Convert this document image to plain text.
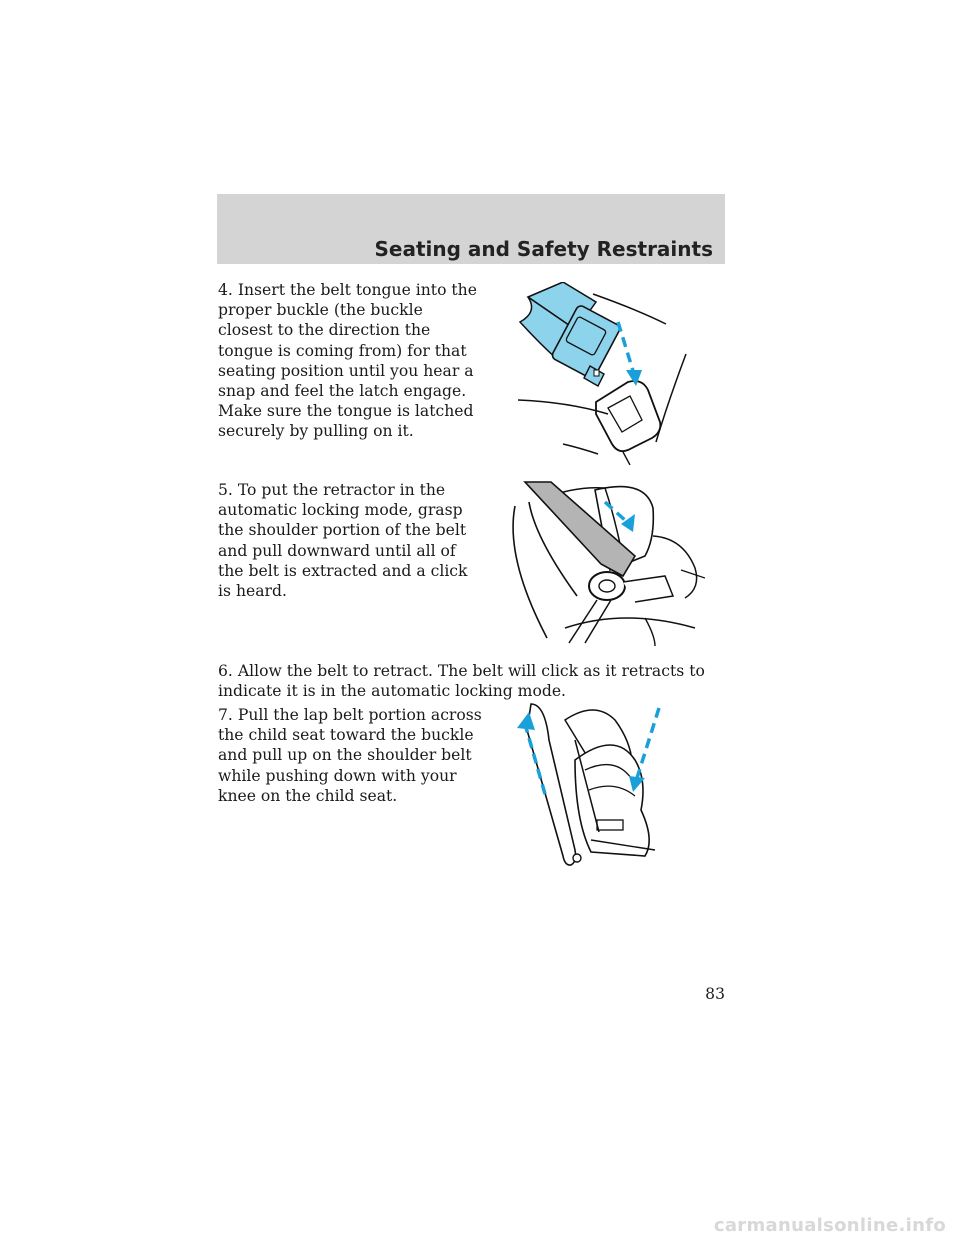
Seating and Safety Restraints

4. Insert the belt tongue into the proper buckle (the buckle closest to the direction the tongue is coming from) for that seating position until you hear a snap and feel the latch engage. Make sure the tongue is latched securely by pulling on it.

5. To put the retractor in the automatic locking mode, grasp the shoulder portion of the belt and pull downward until all of the belt is extracted and a click is heard.

6. Allow the belt to retract. The belt will click as it retracts to indicate it is in the automatic locking mode.

7. Pull the lap belt portion across the child seat toward the buckle and pull up on the shoulder belt while pushing down with your knee on the child seat.

83
carmanualsonline.info
